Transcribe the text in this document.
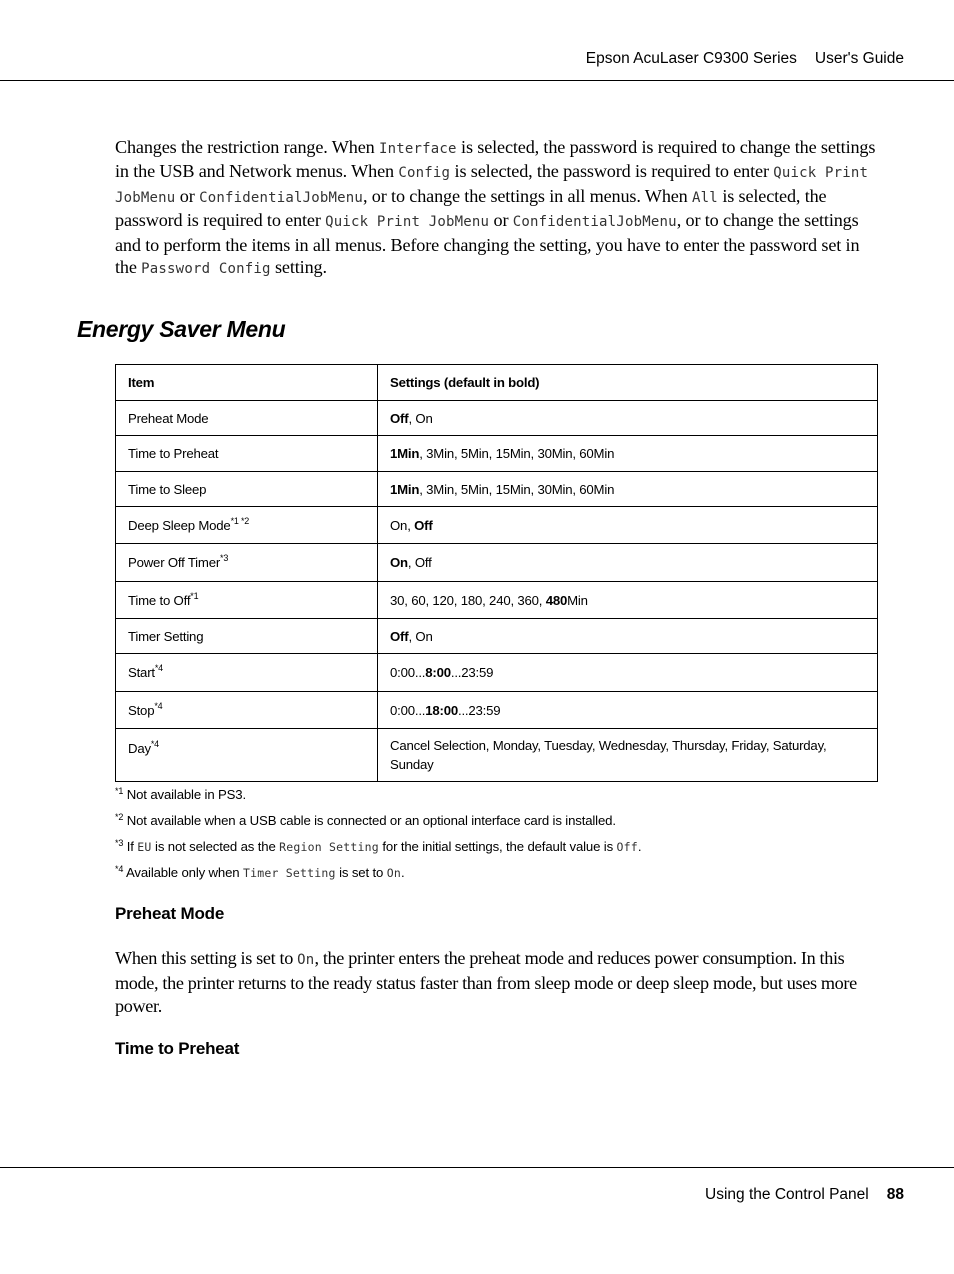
Epson AcuLaser C9300 Series User's Guide

Changes the restriction range. When Interface is selected, the password is required to change the settings in the USB and Network menus. When Config is selected, the password is required to enter Quick Print JobMenu or ConfidentialJobMenu, or to change the settings in all menus. When All is selected, the password is required to enter Quick Print JobMenu or ConfidentialJobMenu, or to change the settings and to perform the items in all menus. Before changing the setting, you have to enter the password set in the Password Config setting.

Energy Saver Menu
Item	Settings (default in bold)
Preheat Mode	Off, On
Time to Preheat	1Min, 3Min, 5Min, 15Min, 30Min, 60Min
Time to Sleep	1Min, 3Min, 5Min, 15Min, 30Min, 60Min
Deep Sleep Mode$^{*1 *2}$	On, Off
Power Off Timer$^{*3}$	On, Off
Time to Off$^{*1}$	30, 60, 120, 180, 240, 360, 480Min
Timer Setting	Off, On
Start$^{*4}$	0:00...8:00...23:59
Stop$^{*4}$	0:00...18:00...23:59
Day$^{*4}$	Cancel Selection, Monday, Tuesday, Wednesday, Thursday, Friday, Saturday, Sunday
$^{*1}$ Not available in PS3.
$^{*2}$ Not available when a USB cable is connected or an optional interface card is installed.
$^{*3}$ If EU is not selected as the Region Setting for the initial settings, the default value is Off.
$^{*4}$ Available only when Timer Setting is set to On.
Preheat Mode

When this setting is set to On, the printer enters the preheat mode and reduces power consumption. In this mode, the printer returns to the ready status faster than from sleep mode or deep sleep mode, but uses more power.

Time to Preheat
Using the Control Panel 88
